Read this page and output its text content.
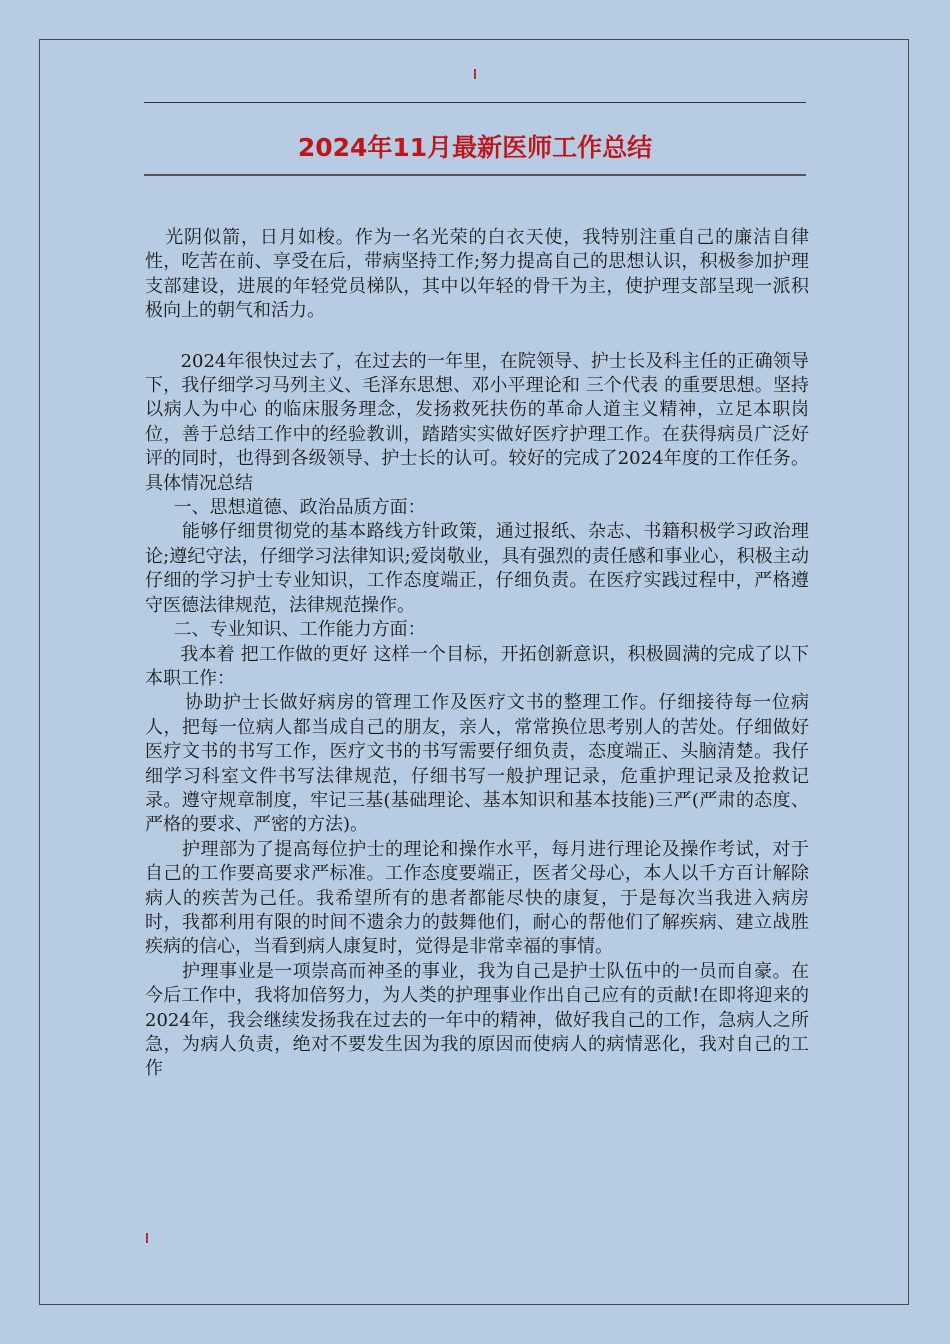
2024年11月最新医师工作总结

光阴似箭，日月如梭。作为一名光荣的白衣天使，我特别注重自己的廉洁自律性，吃苦在前、享受在后，带病坚持工作;努力提高自己的思想认识，积极参加护理支部建设，进展的年轻党员梯队，其中以年轻的骨干为主，使护理支部呈现一派积极向上的朝气和活力。

2024年很快过去了，在过去的一年里，在院领导、护士长及科主任的正确领导下，我仔细学习马列主义、毛泽东思想、邓小平理论和 三个代表 的重要思想。坚持 以病人为中心 的临床服务理念，发扬救死扶伤的革命人道主义精神，立足本职岗位，善于总结工作中的经验教训，踏踏实实做好医疗护理工作。在获得病员广泛好评的同时，也得到各级领导、护士长的认可。较好的完成了2024年度的工作任务。具体情况总结

一、思想道德、政治品质方面：

能够仔细贯彻党的基本路线方针政策，通过报纸、杂志、书籍积极学习政治理论;遵纪守法，仔细学习法律知识;爱岗敬业，具有强烈的责任感和事业心，积极主动仔细的学习护士专业知识，工作态度端正，仔细负责。在医疗实践过程中，严格遵守医德法律规范，法律规范操作。

二、专业知识、工作能力方面：

我本着 把工作做的更好 这样一个目标，开拓创新意识，积极圆满的完成了以下本职工作：

协助护士长做好病房的管理工作及医疗文书的整理工作。仔细接待每一位病人，把每一位病人都当成自己的朋友，亲人，常常换位思考别人的苦处。仔细做好医疗文书的书写工作，医疗文书的书写需要仔细负责，态度端正、头脑清楚。我仔细学习科室文件书写法律规范，仔细书写一般护理记录，危重护理记录及抢救记录。遵守规章制度，牢记三基(基础理论、基本知识和基本技能)三严(严肃的态度、严格的要求、严密的方法)。

护理部为了提高每位护士的理论和操作水平，每月进行理论及操作考试，对于自己的工作要高要求严标准。工作态度要端正，医者父母心，本人以千方百计解除病人的疾苦为己任。我希望所有的患者都能尽快的康复，于是每次当我进入病房时，我都利用有限的时间不遗余力的鼓舞他们，耐心的帮他们了解疾病、建立战胜疾病的信心，当看到病人康复时，觉得是非常幸福的事情。

护理事业是一项崇高而神圣的事业，我为自己是护士队伍中的一员而自豪。在今后工作中，我将加倍努力，为人类的护理事业作出自己应有的贡献!在即将迎来的2024年，我会继续发扬我在过去的一年中的精神，做好我自己的工作，急病人之所急，为病人负责，绝对不要发生因为我的原因而使病人的病情恶化，我对自己的工作
